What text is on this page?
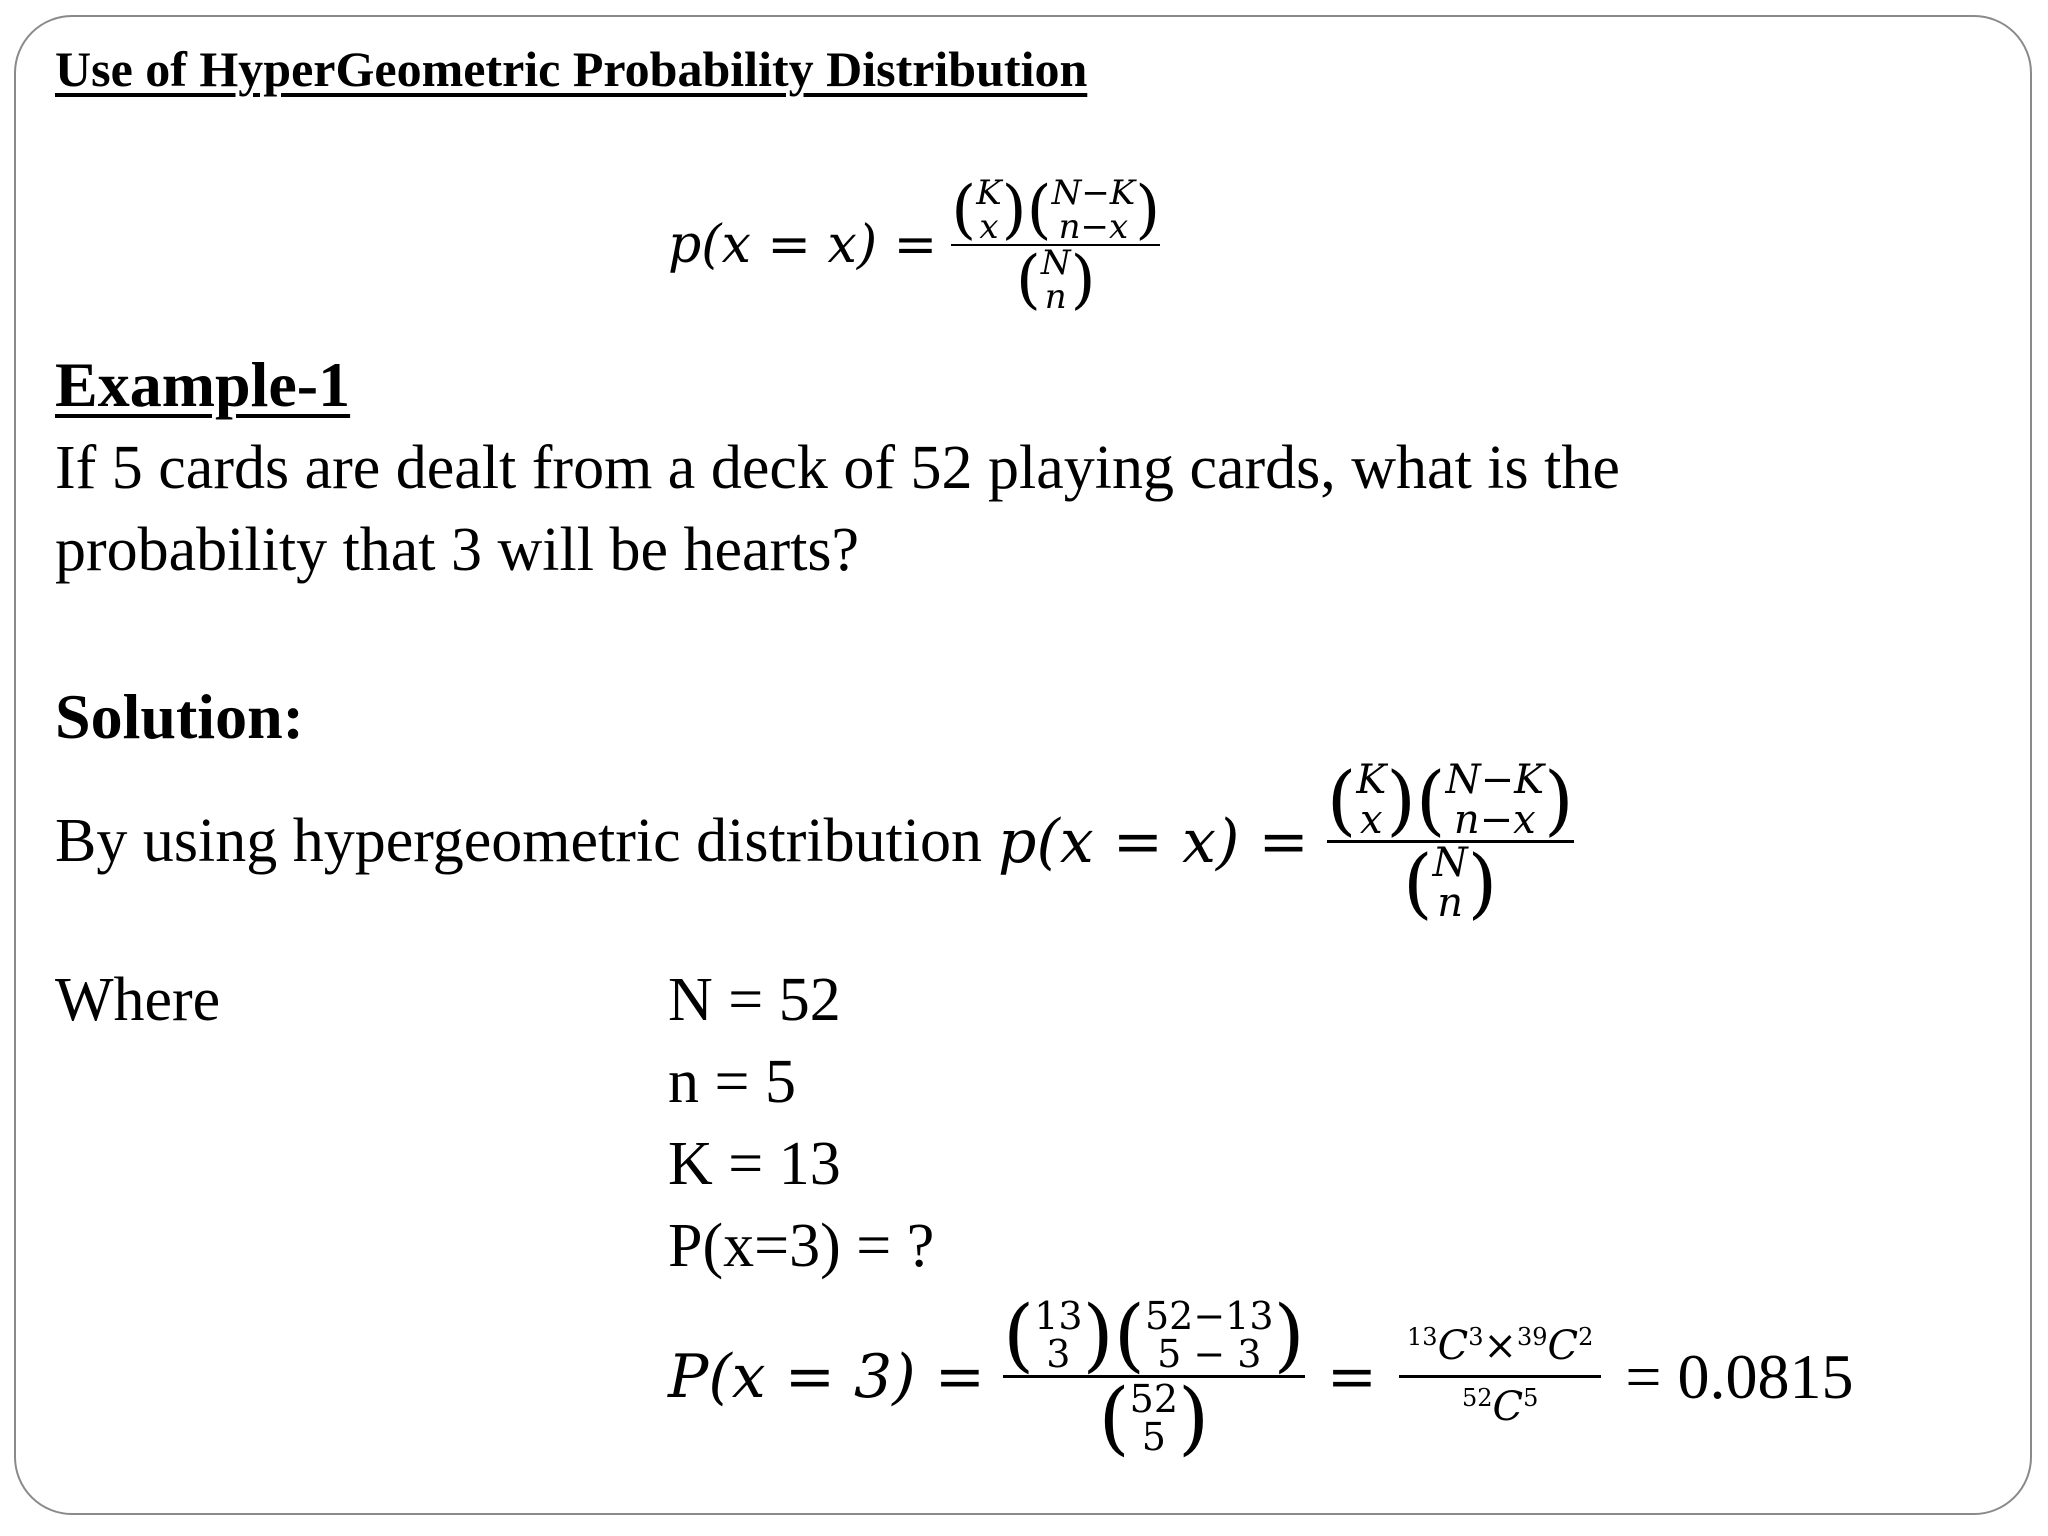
Use of HyperGeometric Probability Distribution
p(x = x) = ( K
x ) ( N−K
n−x )
( N
n )
Example-1
If 5 cards are dealt from a deck of 52 playing cards, what is the
probability that 3 will be hearts?
Solution:
By using hypergeometric distribution p(x = x) = ( K
x ) ( N−K
n−x )
( N
n )
Where	N = 52
n = 5
K = 13
P(x=3) = ?
P(x = 3) = ( 13
3 ) ( 52−13
5 − 3 )
( 52
5 ) = $\frac{13 C 3 \times 39 C 2}{52 C 5} = 0.0815$
